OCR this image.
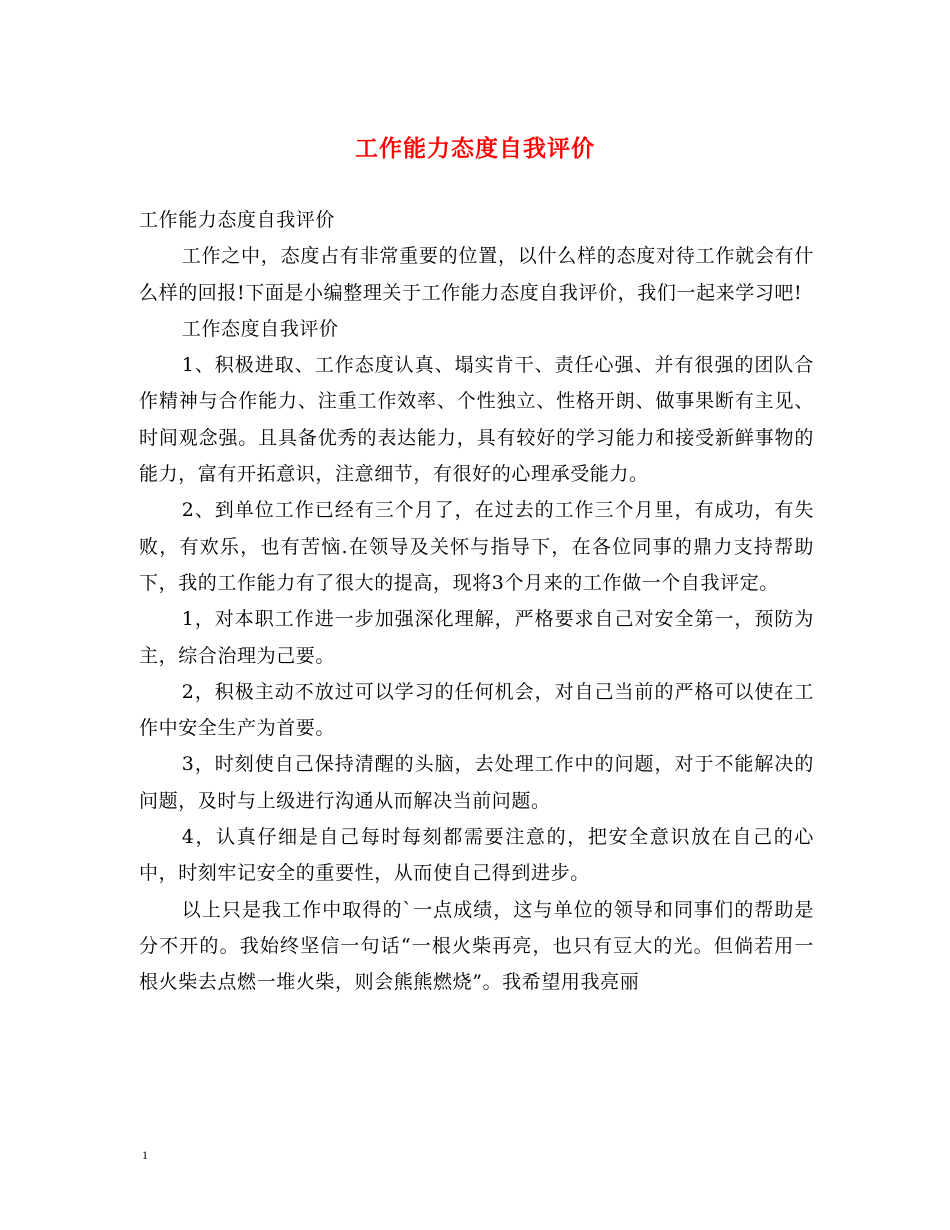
工作能力态度自我评价

工作能力态度自我评价

工作之中，态度占有非常重要的位置，以什么样的态度对待工作就会有什么样的回报!下面是小编整理关于工作能力态度自我评价，我们一起来学习吧!

工作态度自我评价

1、积极进取、工作态度认真、塌实肯干、责任心强、并有很强的团队合作精神与合作能力、注重工作效率、个性独立、性格开朗、做事果断有主见、时间观念强。且具备优秀的表达能力，具有较好的学习能力和接受新鲜事物的能力，富有开拓意识，注意细节，有很好的心理承受能力。

2、到单位工作已经有三个月了，在过去的工作三个月里，有成功，有失败，有欢乐，也有苦恼.在领导及关怀与指导下，在各位同事的鼎力支持帮助下，我的工作能力有了很大的提高，现将3个月来的工作做一个自我评定。

1，对本职工作进一步加强深化理解，严格要求自己对安全第一，预防为主，综合治理为己要。

2，积极主动不放过可以学习的任何机会，对自己当前的严格可以使在工作中安全生产为首要。

3，时刻使自己保持清醒的头脑，去处理工作中的问题，对于不能解决的问题，及时与上级进行沟通从而解决当前问题。

4，认真仔细是自己每时每刻都需要注意的，把安全意识放在自己的心中，时刻牢记安全的重要性，从而使自己得到进步。

以上只是我工作中取得的`一点成绩，这与单位的领导和同事们的帮助是分不开的。我始终坚信一句话“一根火柴再亮，也只有豆大的光。但倘若用一根火柴去点燃一堆火柴，则会熊熊燃烧”。我希望用我亮丽

1
